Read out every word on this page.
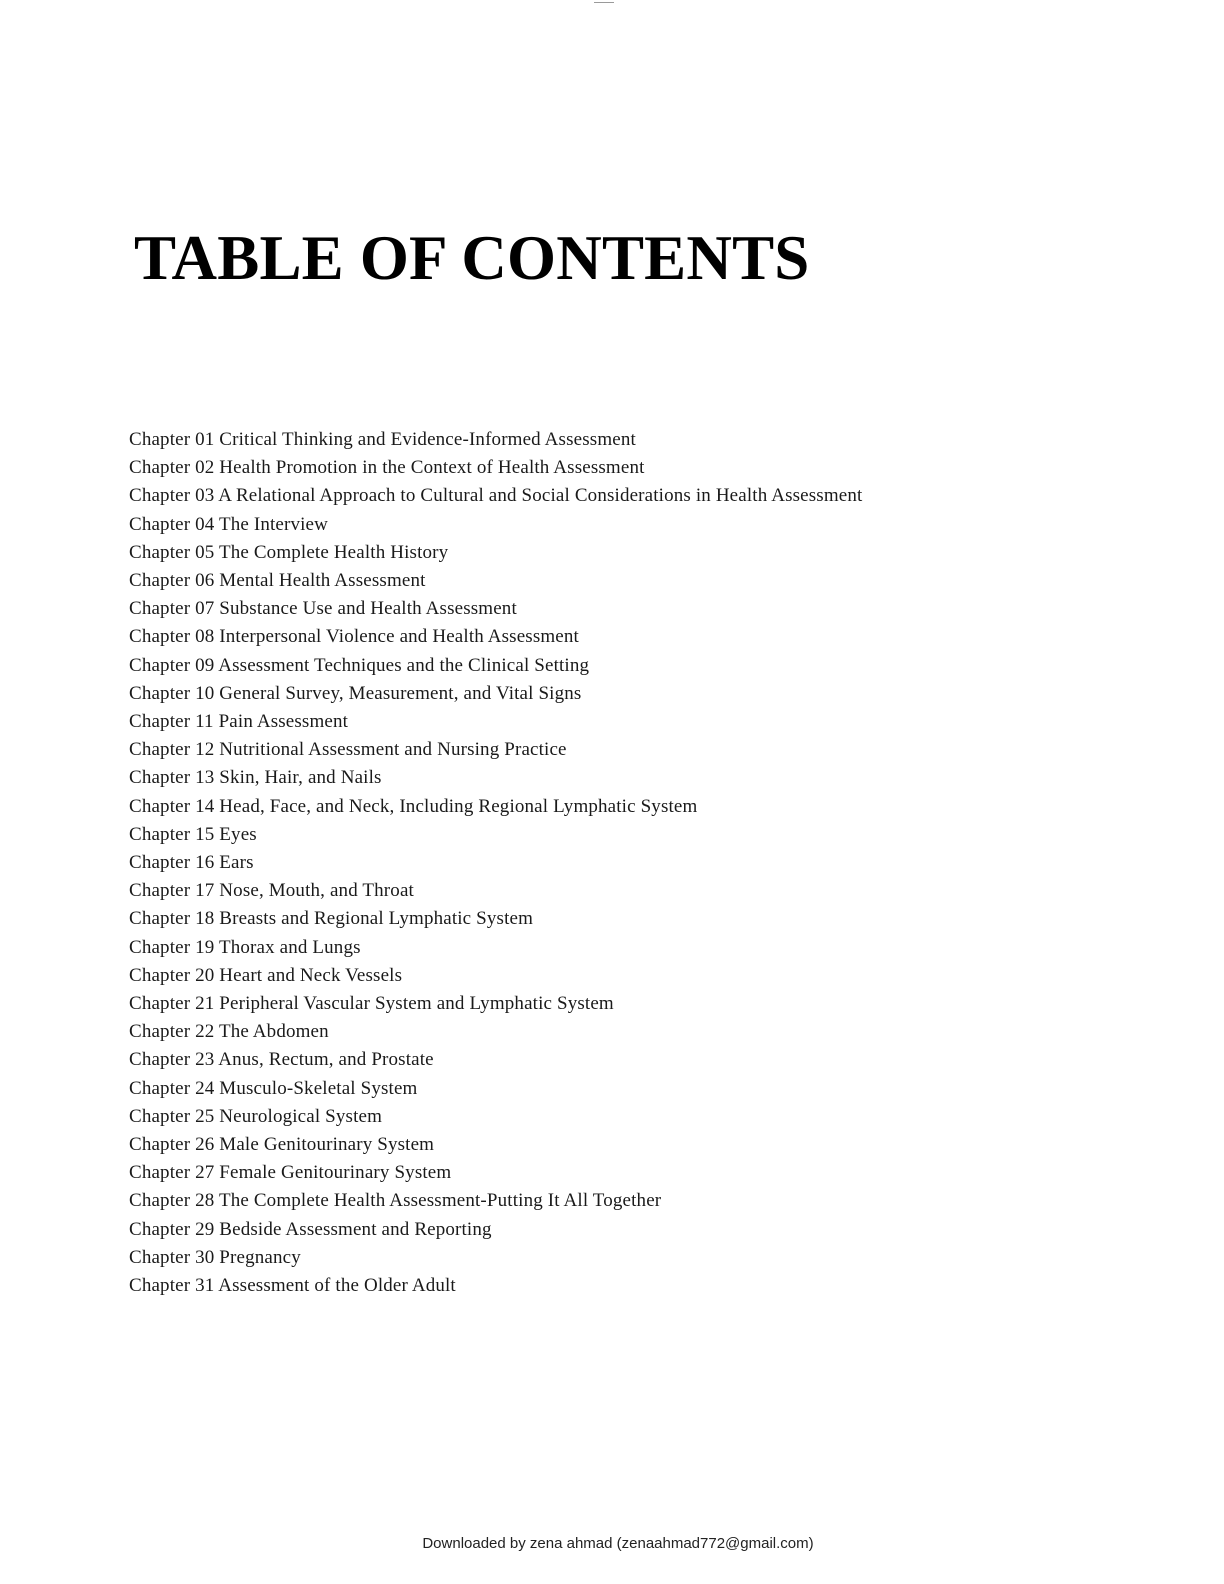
TABLE OF CONTENTS
Chapter 01 Critical Thinking and Evidence-Informed Assessment
Chapter 02 Health Promotion in the Context of Health Assessment
Chapter 03 A Relational Approach to Cultural and Social Considerations in Health Assessment
Chapter 04 The Interview
Chapter 05 The Complete Health History
Chapter 06 Mental Health Assessment
Chapter 07 Substance Use and Health Assessment
Chapter 08 Interpersonal Violence and Health Assessment
Chapter 09 Assessment Techniques and the Clinical Setting
Chapter 10 General Survey, Measurement, and Vital Signs
Chapter 11 Pain Assessment
Chapter 12 Nutritional Assessment and Nursing Practice
Chapter 13 Skin, Hair, and Nails
Chapter 14 Head, Face, and Neck, Including Regional Lymphatic System
Chapter 15 Eyes
Chapter 16 Ears
Chapter 17 Nose, Mouth, and Throat
Chapter 18 Breasts and Regional Lymphatic System
Chapter 19 Thorax and Lungs
Chapter 20 Heart and Neck Vessels
Chapter 21 Peripheral Vascular System and Lymphatic System
Chapter 22 The Abdomen
Chapter 23 Anus, Rectum, and Prostate
Chapter 24 Musculo-Skeletal System
Chapter 25 Neurological System
Chapter 26 Male Genitourinary System
Chapter 27 Female Genitourinary System
Chapter 28 The Complete Health Assessment-Putting It All Together
Chapter 29 Bedside Assessment and Reporting
Chapter 30 Pregnancy
Chapter 31 Assessment of the Older Adult
Downloaded by zena ahmad (zenaahmad772@gmail.com)
